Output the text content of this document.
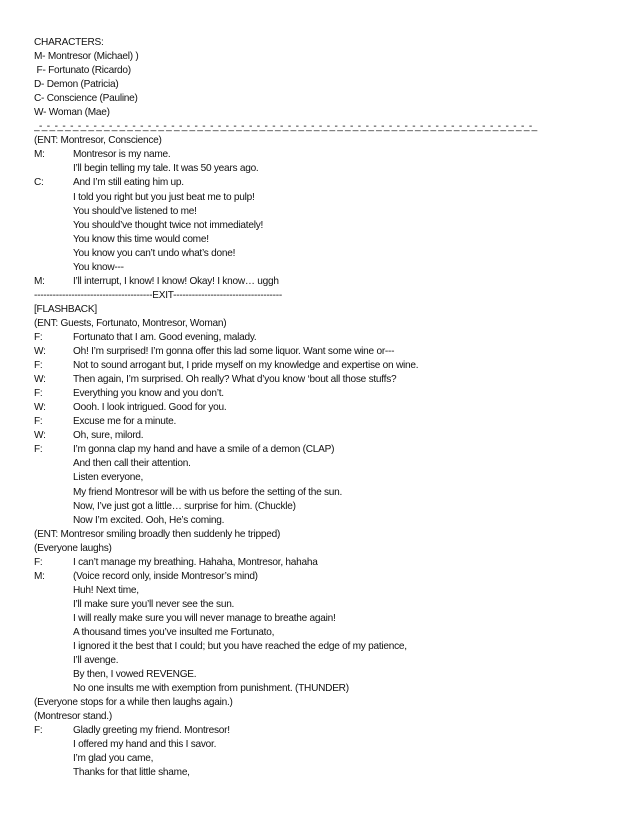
CHARACTERS:
M- Montresor (Michael) )
F- Fortunato (Ricardo)
D- Demon (Patricia)
C- Conscience (Pauline)
W- Woman (Mae)
_-_-_-_-_-_-_-_-_-_-_-_-_-_-_-_-_-_-_-_-_-_-_-_-_-_-_-_-_-_-_-_-_-_-_-_-_-_-_-_-_-_-_-_-_-_-_-_-_-_-_-_-_-_-_-_-_-_-_-_-_-_-_-_-_
(ENT: Montresor, Conscience)
M:	Montresor is my name.
I’ll begin telling my tale. It was 50 years ago.
C:	And I’m still eating him up.
I told you right but you just beat me to pulp!
You should’ve listened to me!
You should’ve thought twice not immediately!
You know this time would come!
You know you can’t undo what’s done!
You know---
M:	I’ll interrupt, I know! I know! Okay! I know… uggh
--------------------------------------EXIT-----------------------------------
[FLASHBACK]
(ENT: Guests, Fortunato, Montresor, Woman)
F:	Fortunato that I am. Good evening, malady.
W:	Oh! I’m surprised! I’m gonna offer this lad some liquor. Want some wine or---
F:	Not to sound arrogant but, I pride myself on my knowledge and expertise on wine.
W:	Then again, I’m surprised. Oh really? What d’you know ‘bout all those stuffs?
F:	Everything you know and you don’t.
W:	Oooh. I look intrigued. Good for you.
F:	Excuse me for a minute.
W:	Oh, sure, milord.
F:	I’m gonna clap my hand and have a smile of a demon (CLAP)
And then call their attention.
Listen everyone,
My friend Montresor will be with us before the setting of the sun.
Now, I’ve just got a little… surprise for him. (Chuckle)
Now I’m excited. Ooh, He’s coming.
(ENT: Montresor smiling broadly then suddenly he tripped)
(Everyone laughs)
F:	I can’t manage my breathing. Hahaha, Montresor, hahaha
M:	(Voice record only, inside Montresor’s mind)
Huh! Next time,
I’ll make sure you’ll never see the sun.
I will really make sure you will never manage to breathe again!
A thousand times you’ve insulted me Fortunato,
I ignored it the best that I could; but you have reached the edge of my patience,
I’ll avenge.
By then, I vowed REVENGE.
No one insults me with exemption from punishment. (THUNDER)
(Everyone stops for a while then laughs again.)
(Montresor stand.)
F:	Gladly greeting my friend. Montresor!
I offered my hand and this I savor.
I’m glad you came,
Thanks for that little shame,
